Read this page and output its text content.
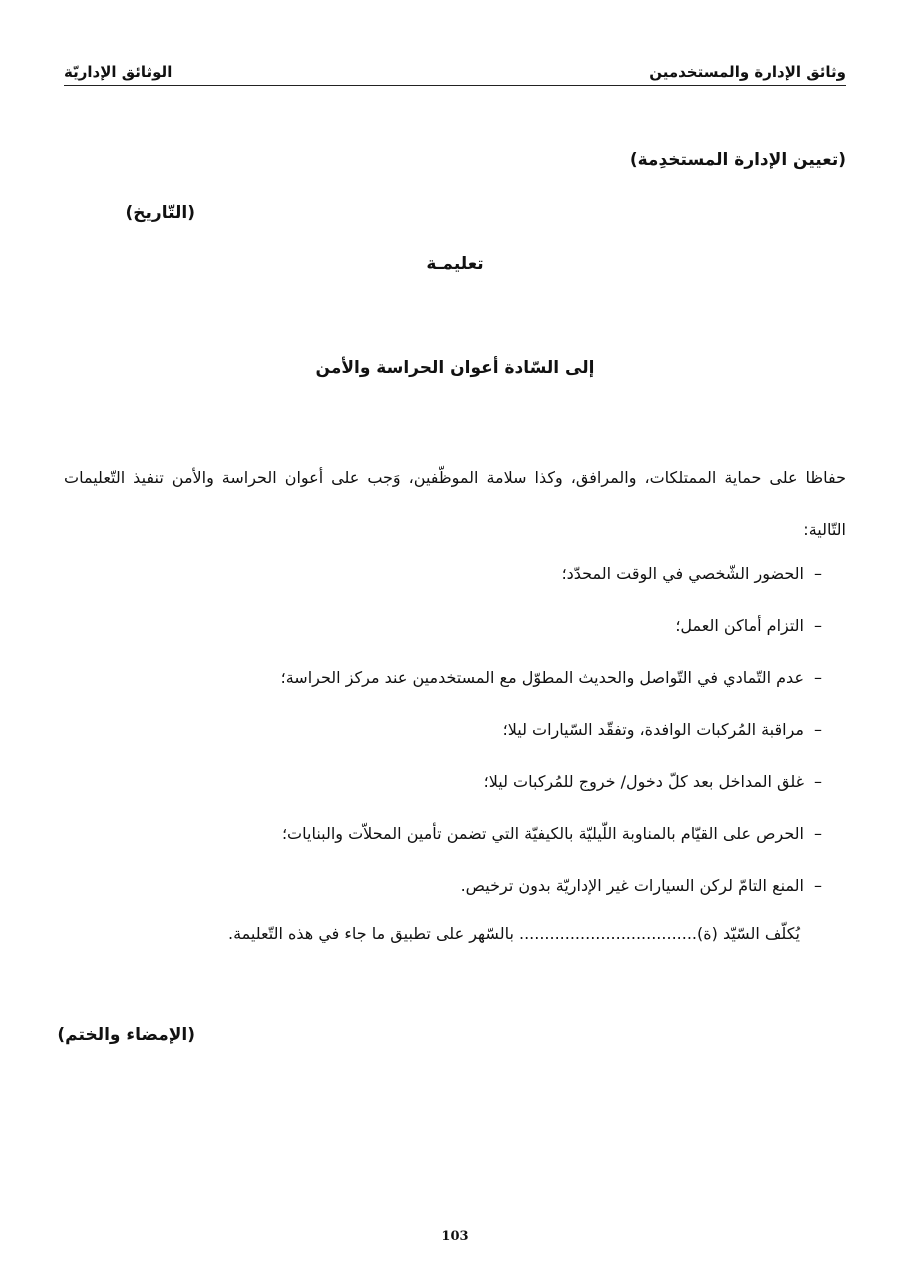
وثائق الإدارة والمستخدمين
الوثائق الإداريّة
(تعيين الإدارة المستخدِمة)
(التّاريخ)
تعليمـة
إلى السّادة أعوان الحراسة والأمن
حفاظا على حماية الممتلكات، والمرافق، وكذا سلامة الموظّفين، وَجب على أعوان الحراسة والأمن تنفيذ التّعليمات التّالية:
–الحضور الشّخصي في الوقت المحدّد؛
–التزام أماكن العمل؛
–عدم التّمادي في التّواصل والحديث المطوّل مع المستخدمين عند مركز الحراسة؛
–مراقبة المُركبات الوافدة، وتفقّد السّيارات ليلا؛
–غلق المداخل بعد كلّ دخول/ خروج للمُركبات ليلا؛
–الحرص على القيّام بالمناوبة اللّيليّة بالكيفيّة التي تضمن تأمين المحلاّت والبنايات؛
–المنع التامّ لركن السيارات غير الإداريّة بدون ترخيص.
يُكلّف السّيّد (ة)................................... بالسّهر على تطبيق ما جاء في هذه التّعليمة.
(الإمضاء والختم)
103
